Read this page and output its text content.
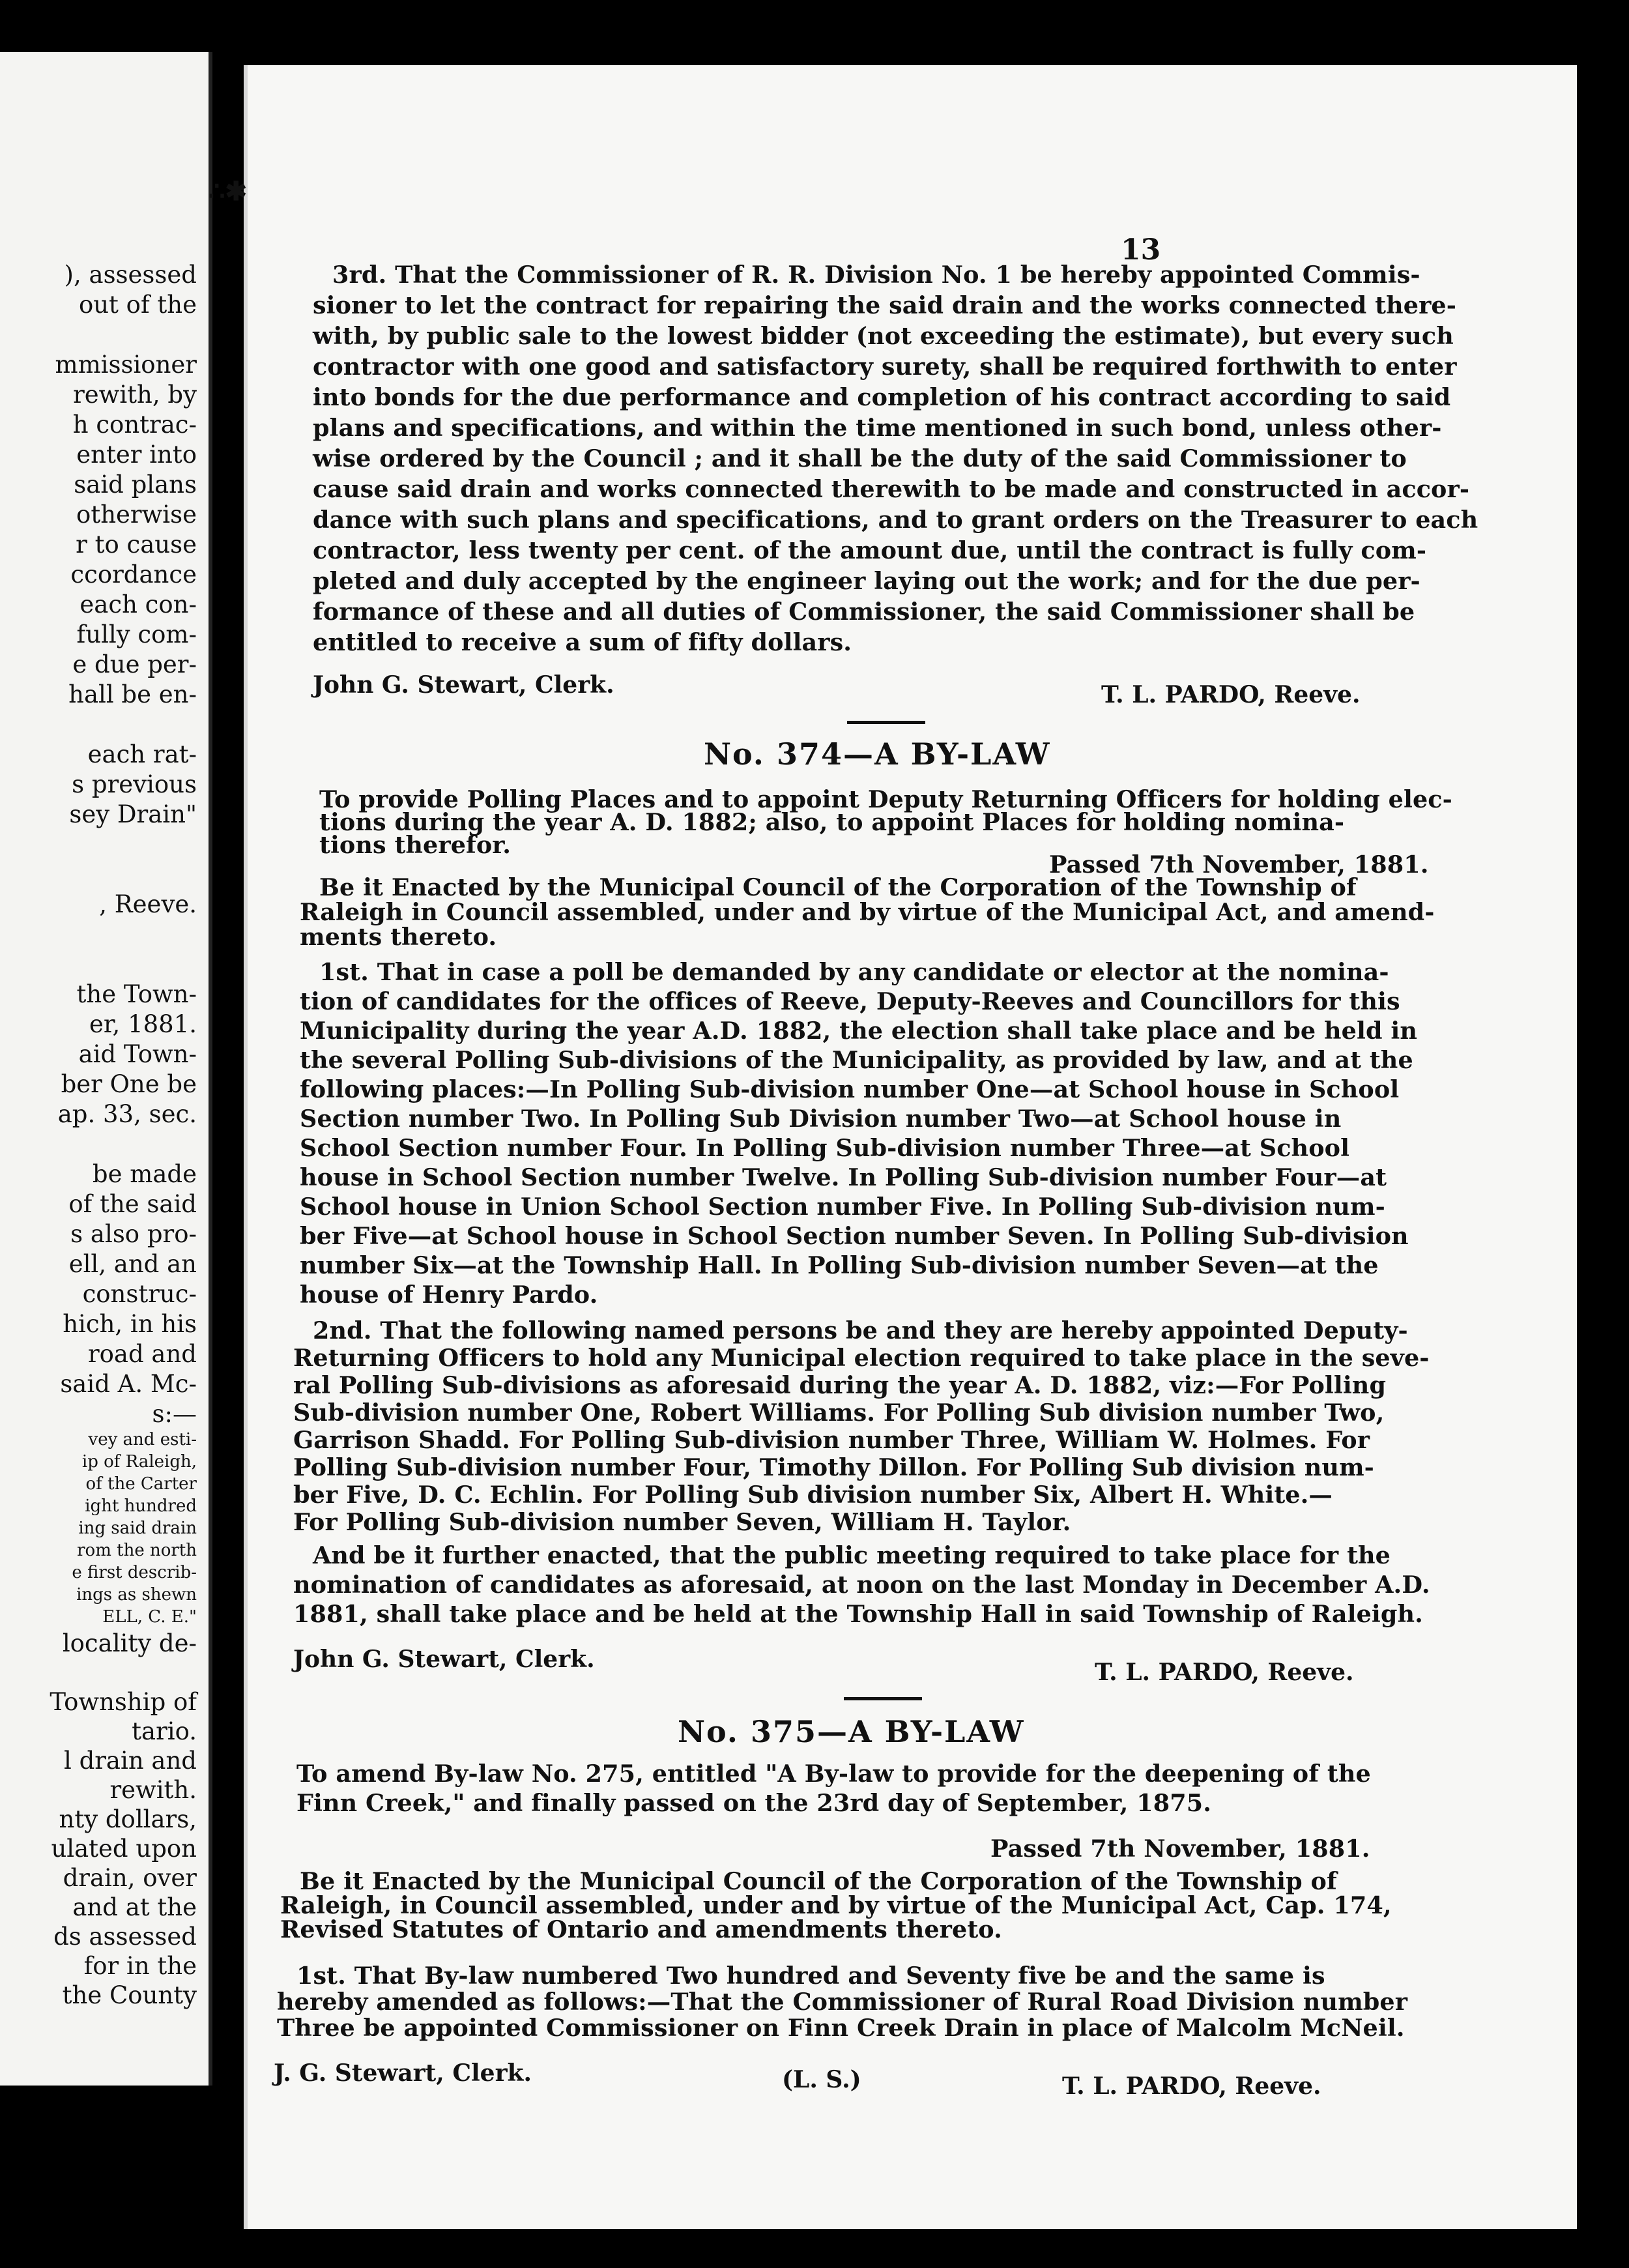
), assessed
out of the
mmissioner
rewith, by
h contrac-
enter into
said plans
otherwise
r to cause
ccordance
each con-
fully com-
e due per-
hall be en-
each rat-
s previous
sey Drain"
, Reeve.
the Town-
er, 1881.
aid Town-
ber One be
ap. 33, sec.
be made
of the said
s also pro-
ell, and an
construc-
hich, in his
road and
said A. Mc-
s:—
vey and esti-
ip of Raleigh,
of the Carter
ight hundred
ing said drain
rom the north
e first describ-
ings as shewn
ELL, C. E."
locality de-
Township of
tario.
l drain and
rewith.
nty dollars,
ulated upon
drain, over
and at the
ds assessed
for in the
the County
∴✱
13
3rd. That the Commissioner of R. R. Division No. 1 be hereby appointed Commis-
sioner to let the contract for repairing the said drain and the works connected there-
with, by public sale to the lowest bidder (not exceeding the estimate), but every such
contractor with one good and satisfactory surety, shall be required forthwith to enter
into bonds for the due performance and completion of his contract according to said
plans and specifications, and within the time mentioned in such bond, unless other-
wise ordered by the Council ; and it shall be the duty of the said Commissioner to
cause said drain and works connected therewith to be made and constructed in accor-
dance with such plans and specifications, and to grant orders on the Treasurer to each
contractor, less twenty per cent. of the amount due, until the contract is fully com-
pleted and duly accepted by the engineer laying out the work; and for the due per-
formance of these and all duties of Commissioner, the said Commissioner shall be
entitled to receive a sum of fifty dollars.
John G. Stewart, Clerk.	T. L. PARDO, Reeve.
No. 374—A BY-LAW
To provide Polling Places and to appoint Deputy Returning Officers for holding elec-
tions during the year A. D. 1882; also, to appoint Places for holding nomina-
tions therefor.
Be it Enacted by the Municipal Council of the Corporation of the Township of
Raleigh in Council assembled, under and by virtue of the Municipal Act, and amend-
ments thereto.
1st. That in case a poll be demanded by any candidate or elector at the nomina-
tion of candidates for the offices of Reeve, Deputy-Reeves and Councillors for this
Municipality during the year A.D. 1882, the election shall take place and be held in
the several Polling Sub-divisions of the Municipality, as provided by law, and at the
following places:—In Polling Sub-division number One—at School house in School
Section number Two. In Polling Sub Division number Two—at School house in
School Section number Four. In Polling Sub-division number Three—at School
house in School Section number Twelve. In Polling Sub-division number Four—at
School house in Union School Section number Five. In Polling Sub-division num-
ber Five—at School house in School Section number Seven. In Polling Sub-division
number Six—at the Township Hall. In Polling Sub-division number Seven—at the
house of Henry Pardo.
2nd. That the following named persons be and they are hereby appointed Deputy-
Returning Officers to hold any Municipal election required to take place in the seve-
ral Polling Sub-divisions as aforesaid during the year A. D. 1882, viz:—For Polling
Sub-division number One, Robert Williams. For Polling Sub division number Two,
Garrison Shadd. For Polling Sub-division number Three, William W. Holmes. For
Polling Sub-division number Four, Timothy Dillon. For Polling Sub division num-
ber Five, D. C. Echlin. For Polling Sub division number Six, Albert H. White.—
For Polling Sub-division number Seven, William H. Taylor.
And be it further enacted, that the public meeting required to take place for the
nomination of candidates as aforesaid, at noon on the last Monday in December A.D.
1881, shall take place and be held at the Township Hall in said Township of Raleigh.
Passed 7th November, 1881.
John G. Stewart, Clerk.	T. L. PARDO, Reeve.
No. 375—A BY-LAW
To amend By-law No. 275, entitled "A By-law to provide for the deepening of the
Finn Creek," and finally passed on the 23rd day of September, 1875.
Be it Enacted by the Municipal Council of the Corporation of the Township of
Raleigh, in Council assembled, under and by virtue of the Municipal Act, Cap. 174,
Revised Statutes of Ontario and amendments thereto.
1st. That By-law numbered Two hundred and Seventy five be and the same is
hereby amended as follows:—That the Commissioner of Rural Road Division number
Three be appointed Commissioner on Finn Creek Drain in place of Malcolm McNeil.
Passed 7th November, 1881.
J. G. Stewart, Clerk.	(L. S.)	T. L. PARDO, Reeve.
